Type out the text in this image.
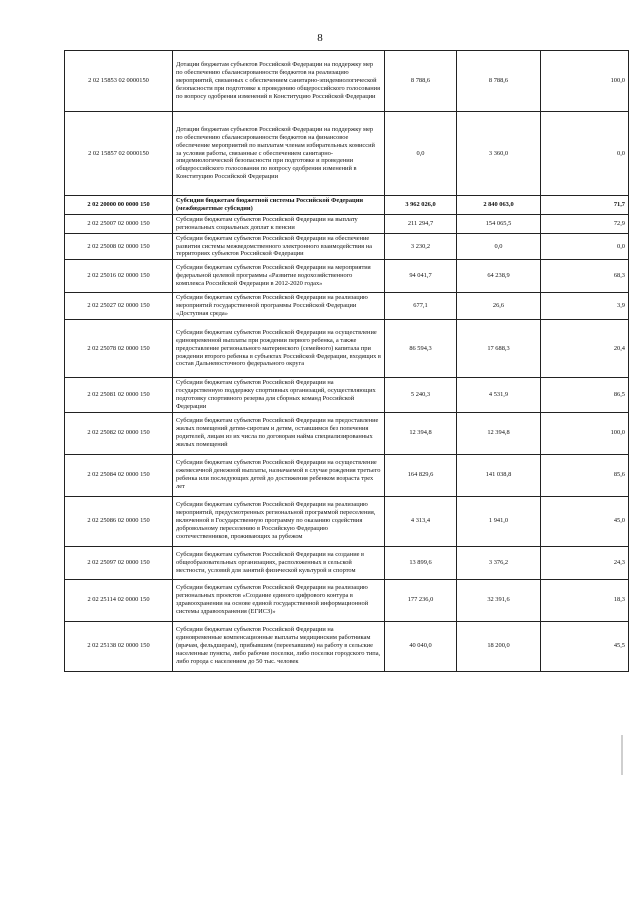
8
2 02 15853 02 0000150	Дотации бюджетам субъектов Российской Федерации на поддержку мер по обеспечению сбалансированности бюджетов на реализацию мероприятий, связанных с обеспечением санитарно-эпидемиологической безопасности при подготовке к проведению общероссийского голосования по вопросу одобрения изменений в Конституцию Российской Федерации	8 788,6	8 788,6	100,0
2 02 15857 02 0000150	Дотации бюджетам субъектов Российской Федерации на поддержку мер по обеспечению сбалансированности бюджетов на финансовое обеспечение мероприятий по выплатам членам избирательных комиссий за условия работы, связанные с обеспечением санитарно-эпидемиологической безопасности при подготовке и проведении общероссийского голосования по вопросу одобрения изменений в Конституцию Российской Федерации	0,0	3 360,0	0,0
2 02 20000 00 0000 150	Субсидии бюджетам бюджетной системы Российской Федерации (межбюджетные субсидии)	3 962 026,0	2 840 063,0	71,7
2 02 25007 02 0000 150	Субсидии бюджетам субъектов Российской Федерации на выплату региональных социальных доплат к пенсии	211 294,7	154 065,5	72,9
2 02 25008 02 0000 150	Субсидии бюджетам субъектов Российской Федерации на обеспечение развития системы межведомственного электронного взаимодействия на территориях субъектов Российской Федерации	3 230,2	0,0	0,0
2 02 25016 02 0000 150	Субсидии бюджетам субъектов Российской Федерации на мероприятия федеральной целевой программы «Развитие водохозяйственного комплекса Российской Федерации в 2012-2020 годах»	94 041,7	64 238,9	68,3
2 02 25027 02 0000 150	Субсидии бюджетам субъектов Российской Федерации на реализацию мероприятий государственной программы Российской Федерации «Доступная среда»	677,1	26,6	3,9
2 02 25078 02 0000 150	Субсидии бюджетам субъектов Российской Федерации на осуществление единовременной выплаты при рождении первого ребенка, а также предоставление регионального материнского (семейного) капитала при рождении второго ребенка в субъектах Российской Федерации, входящих в состав Дальневосточного федерального округа	86 594,3	17 688,3	20,4
2 02 25081 02 0000 150	Субсидии бюджетам субъектов Российской Федерации на государственную поддержку спортивных организаций, осуществляющих подготовку спортивного резерва для сборных команд Российской Федерации	5 240,3	4 531,9	86,5
2 02 25082 02 0000 150	Субсидии бюджетам субъектов Российской Федерации на предоставление жилых помещений детям-сиротам и детям, оставшимся без попечения родителей, лицам из их числа по договорам найма специализированных жилых помещений	12 394,8	12 394,8	100,0
2 02 25084 02 0000 150	Субсидии бюджетам субъектов Российской Федерации на осуществление ежемесячной денежной выплаты, назначаемой в случае рождения третьего ребенка или последующих детей до достижения ребенком возраста трех лет	164 829,6	141 038,8	85,6
2 02 25086 02 0000 150	Субсидии бюджетам субъектов Российской Федерации на реализацию мероприятий, предусмотренных региональной программой переселения, включенной в Государственную программу по оказанию содействия добровольному переселению в Российскую Федерацию соотечественников, проживающих за рубежом	4 313,4	1 941,0	45,0
2 02 25097 02 0000 150	Субсидии бюджетам субъектов Российской Федерации на создание в общеобразовательных организациях, расположенных в сельской местности, условий для занятий физической культурой и спортом	13 899,6	3 376,2	24,3
2 02 25114 02 0000 150	Субсидии бюджетам субъектов Российской Федерации на реализацию региональных проектов «Создание единого цифрового контура в здравоохранении на основе единой государственной информационной системы здравоохранения (ЕГИСЗ)»	177 236,0	32 391,6	18,3
2 02 25138 02 0000 150	Субсидии бюджетам субъектов Российской Федерации на единовременные компенсационные выплаты медицинским работникам (врачам, фельдшерам), прибывшим (переехавшим) на работу в сельские населенные пункты, либо рабочие поселки, либо поселки городского типа, либо города с населением до 50 тыс. человек	40 040,0	18 200,0	45,5
